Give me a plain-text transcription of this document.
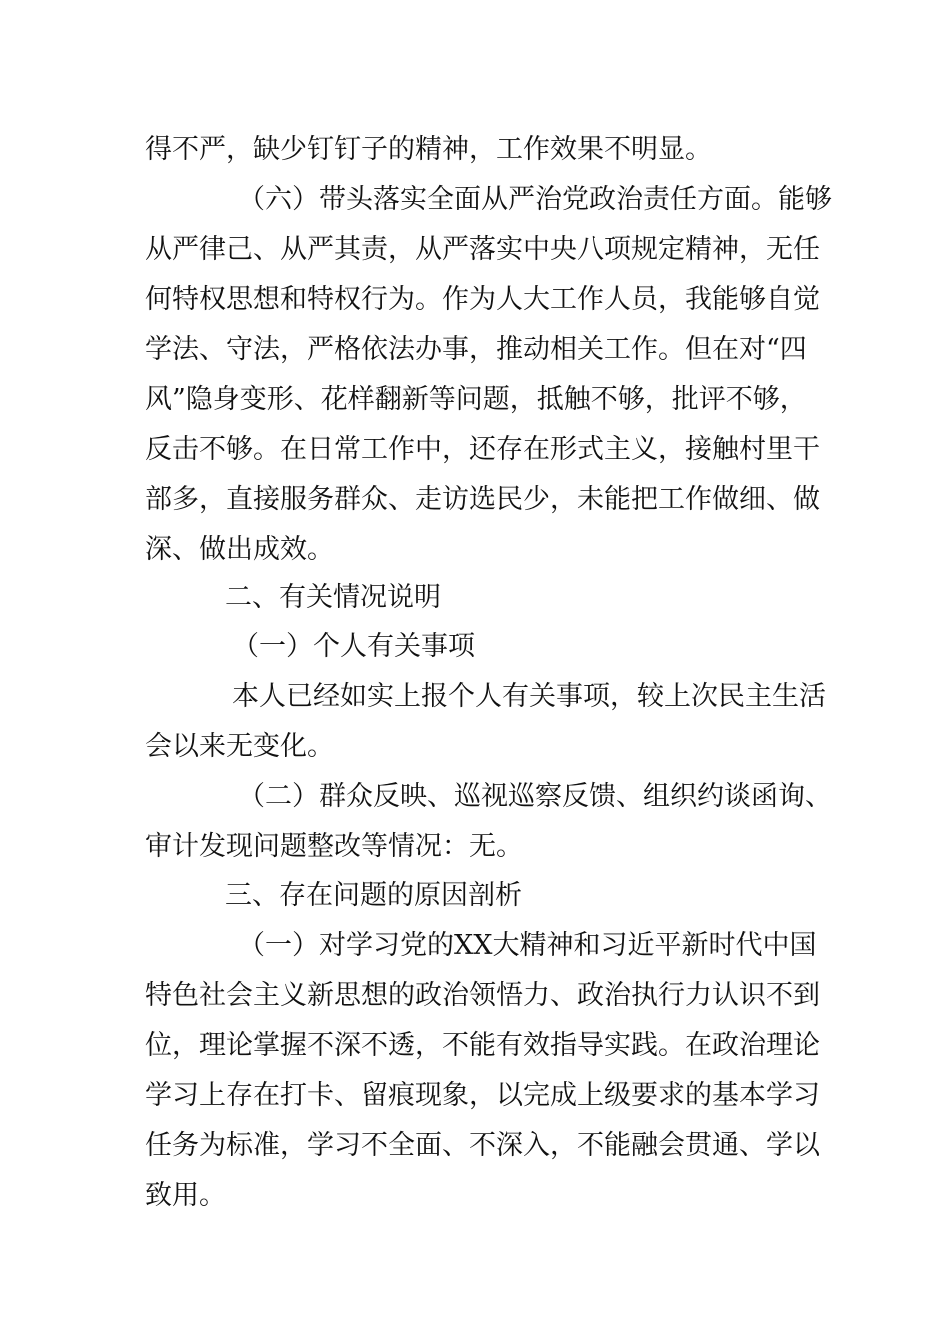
得不严，缺少钉钉子的精神，工作效果不明显。
（六）带头落实全面从严治党政治责任方面。能够
从严律己、从严其责，从严落实中央八项规定精神，无任
何特权思想和特权行为。作为人大工作人员，我能够自觉
学法、守法，严格依法办事，推动相关工作。但在对“四
风”隐身变形、花样翻新等问题，抵触不够，批评不够，
反击不够。在日常工作中，还存在形式主义，接触村里干
部多，直接服务群众、走访选民少，未能把工作做细、做
深、做出成效。
二、有关情况说明
（一）个人有关事项
本人已经如实上报个人有关事项，较上次民主生活
会以来无变化。
（二）群众反映、巡视巡察反馈、组织约谈函询、
审计发现问题整改等情况：无。
三、存在问题的原因剖析
（一）对学习党的XX大精神和习近平新时代中国
特色社会主义新思想的政治领悟力、政治执行力认识不到
位，理论掌握不深不透，不能有效指导实践。在政治理论
学习上存在打卡、留痕现象，以完成上级要求的基本学习
任务为标准，学习不全面、不深入，不能融会贯通、学以
致用。
